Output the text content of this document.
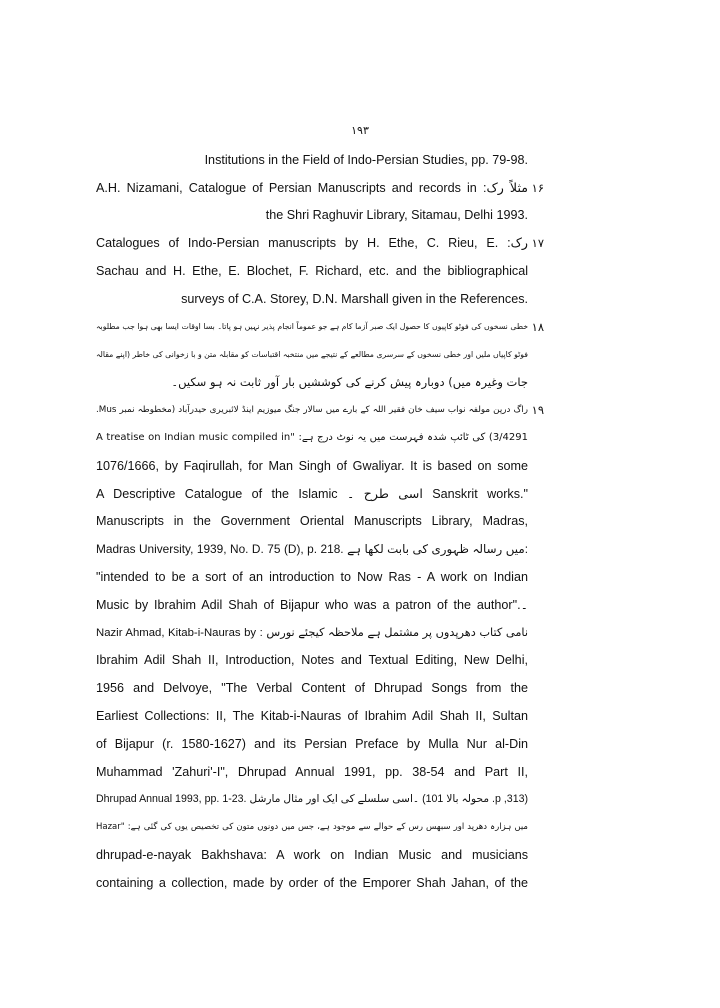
۱۹۳
Institutions in the Field of Indo-Persian Studies, pp. 79-98.
۱۶
A.H. Nizamani, Catalogue of Persian Manuscripts and records in :مثلاً رک
the Shri Raghuvir Library, Sitamau, Delhi 1993.
۱۷
Catalogues of Indo-Persian manuscripts by H. Ethe, C. Rieu, E. :رک
Sachau and H. Ethe, E. Blochet, F. Richard, etc. and the bibliographical
surveys of C.A. Storey, D.N. Marshall given in the References.
۱۸
خطی نسخوں کی فوٹو کاپیوں کا حصول ایک صبر آزما کام ہے جو عموماً انجام پذیر نہیں ہو پاتا۔ بسا اوقات ایسا بھی ہوا جب مطلوبہ
فوٹو کاپیاں ملیں اور خطی نسخوں کے سرسری مطالعے کے نتیجے میں منتخبہ اقتباسات کو مقابلہ متن و با زخوانی کی خاطر (اپنے مقالہ
جات وغیرہ میں) دوبارہ پیش کرنے کی کوششیں بار آور ثابت نہ ہو سکیں۔
۱۹
راگ درپن مولفہ نواب سیف خان فقیر اللہ کے بارے میں سالار جنگ میوزیم اینڈ لائبریری حیدرآباد (مخطوطہ نمبر Mus.
3/4291) کی ٹائپ شدہ فہرست میں یہ نوٹ درج ہے: "A treatise on Indian music compiled in
1076/1666, by Faqirullah, for Man Singh of Gwaliyar. It is based on some
A Descriptive Catalogue of the Islamic اسی طرح ۔ Sanskrit works."
Manuscripts in the Government Oriental Manuscripts Library, Madras,
Madras University, 1939, No. D. 75 (D), p. 218. میں رسالہ ظہوری کی بابت لکھا ہے:
"intended to be a sort of an introduction to Now Ras - A work on Indian
Music by Ibrahim Adil Shah of Bijapur who was a patron of the author".۔
Nazir Ahmad, Kitab-i-Nauras by : نامی کتاب دھرپدوں پر مشتمل ہے ملاحظہ کیجئے نورس
Ibrahim Adil Shah II, Introduction, Notes and Textual Editing, New Delhi,
1956 and Delvoye, "The Verbal Content of Dhrupad Songs from the
Earliest Collections: II, The Kitab-i-Nauras of Ibrahim Adil Shah II, Sultan
of Bijapur (r. 1580-1627) and its Persian Preface by Mulla Nur al-Din
Muhammad 'Zahuri'-I", Dhrupad Annual 1991, pp. 38-54 and Part II,
Dhrupad Annual 1993, pp. 1-23. ۔اسی سلسلے کی ایک اور مثال مارشل (محولہ بالا 101 .p ,313)
میں ہزارہ دھرپد اور سبھس رس کے حوالے سے موجود ہے، جس میں دونوں متون کی تخصیص یوں کی گئی ہے: "Hazar
dhrupad-e-nayak Bakhshava: A work on Indian Music and musicians
containing a collection, made by order of the Emporer Shah Jahan, of the
